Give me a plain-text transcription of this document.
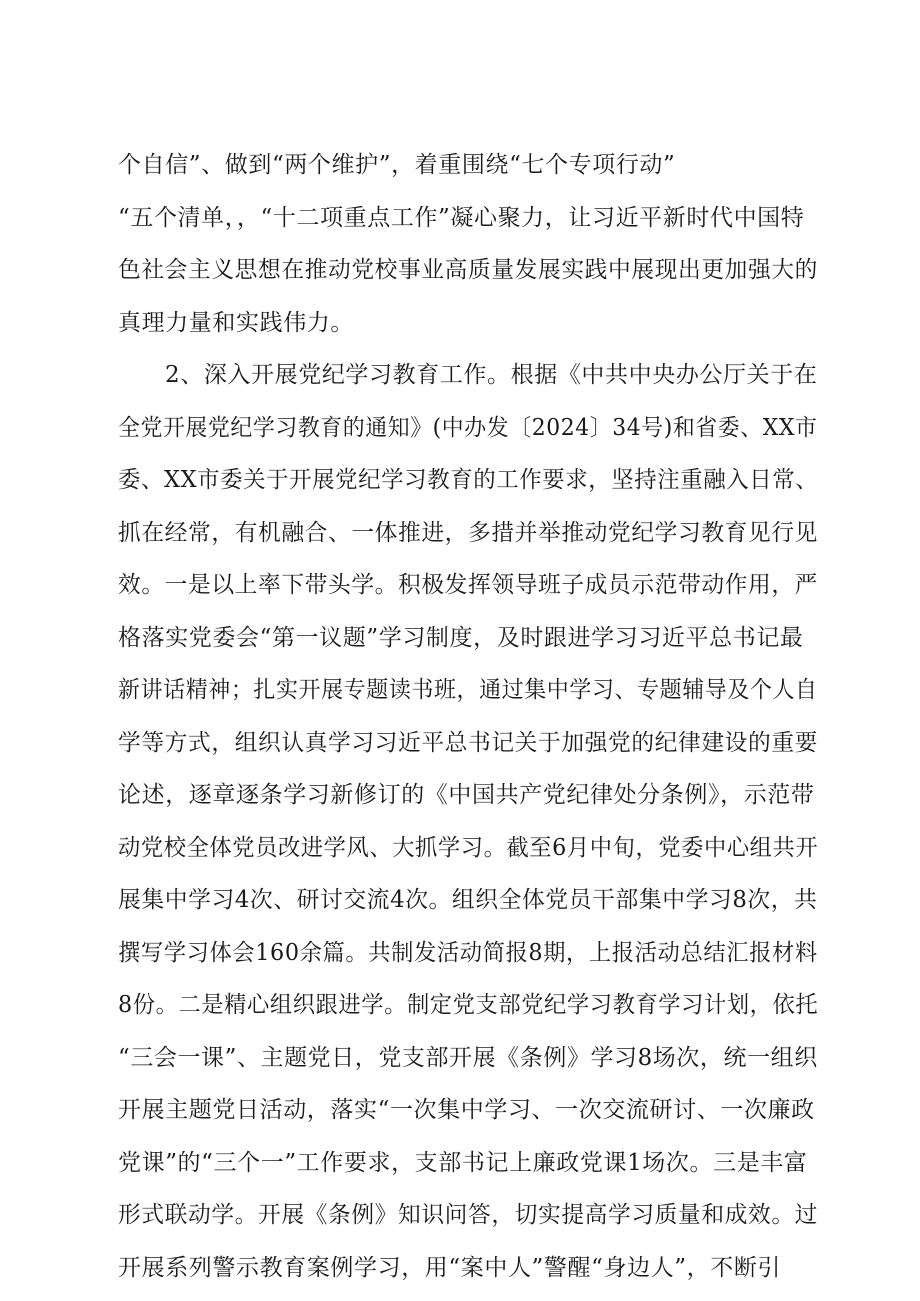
个自信”、做到“两个维护”，着重围绕“七个专项行动”
“五个清单，，“十二项重点工作”凝心聚力，让习近平新时代中国特
色社会主义思想在推动党校事业高质量发展实践中展现出更加强大的
真理力量和实践伟力。
2、深入开展党纪学习教育工作。根据《中共中央办公厅关于在
全党开展党纪学习教育的通知》(中办发〔2024〕34号)和省委、XX市
委、XX市委关于开展党纪学习教育的工作要求，坚持注重融入日常、
抓在经常，有机融合、一体推进，多措并举推动党纪学习教育见行见
效。一是以上率下带头学。积极发挥领导班子成员示范带动作用，严
格落实党委会“第一议题”学习制度，及时跟进学习习近平总书记最
新讲话精神；扎实开展专题读书班，通过集中学习、专题辅导及个人自
学等方式，组织认真学习习近平总书记关于加强党的纪律建设的重要
论述，逐章逐条学习新修订的《中国共产党纪律处分条例》，示范带
动党校全体党员改进学风、大抓学习。截至6月中旬，党委中心组共开
展集中学习4次、研讨交流4次。组织全体党员干部集中学习8次，共
撰写学习体会160余篇。共制发活动简报8期，上报活动总结汇报材料
8份。二是精心组织跟进学。制定党支部党纪学习教育学习计划，依托
“三会一课”、主题党日，党支部开展《条例》学习8场次，统一组织
开展主题党日活动，落实“一次集中学习、一次交流研讨、一次廉政
党课”的“三个一”工作要求，支部书记上廉政党课1场次。三是丰富
形式联动学。开展《条例》知识问答，切实提高学习质量和成效。过
开展系列警示教育案例学习，用“案中人”警醒“身边人”，不断引
